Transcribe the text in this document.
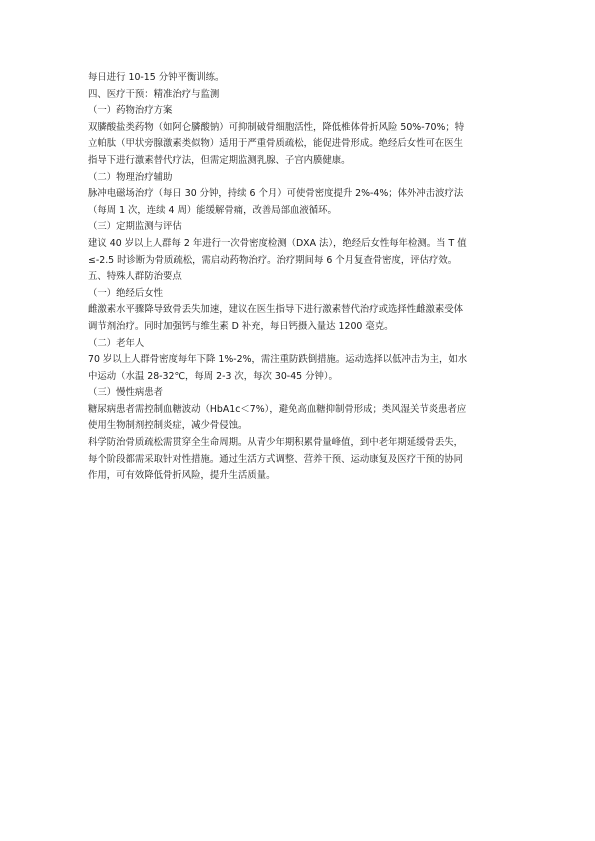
每日进行 10-15 分钟平衡训练。
四、医疗干预：精准治疗与监测
（一）药物治疗方案
双膦酸盐类药物（如阿仑膦酸钠）可抑制破骨细胞活性，降低椎体骨折风险 50%-70%；特
立帕肽（甲状旁腺激素类似物）适用于严重骨质疏松，能促进骨形成。绝经后女性可在医生
指导下进行激素替代疗法，但需定期监测乳腺、子宫内膜健康。
（二）物理治疗辅助
脉冲电磁场治疗（每日 30 分钟，持续 6 个月）可使骨密度提升 2%-4%；体外冲击波疗法
（每周 1 次，连续 4 周）能缓解骨痛，改善局部血液循环。
（三）定期监测与评估
建议 40 岁以上人群每 2 年进行一次骨密度检测（DXA 法），绝经后女性每年检测。当 T 值
≤-2.5 时诊断为骨质疏松，需启动药物治疗。治疗期间每 6 个月复查骨密度，评估疗效。
五、特殊人群防治要点
（一）绝经后女性
雌激素水平骤降导致骨丢失加速，建议在医生指导下进行激素替代治疗或选择性雌激素受体
调节剂治疗。同时加强钙与维生素 D 补充，每日钙摄入量达 1200 毫克。
（二）老年人
70 岁以上人群骨密度每年下降 1%-2%，需注重防跌倒措施。运动选择以低冲击为主，如水
中运动（水温 28-32℃，每周 2-3 次，每次 30-45 分钟）。
（三）慢性病患者
糖尿病患者需控制血糖波动（HbA1c＜7%），避免高血糖抑制骨形成；类风湿关节炎患者应
使用生物制剂控制炎症，减少骨侵蚀。
科学防治骨质疏松需贯穿全生命周期。从青少年期积累骨量峰值，到中老年期延缓骨丢失，
每个阶段都需采取针对性措施。通过生活方式调整、营养干预、运动康复及医疗干预的协同
作用，可有效降低骨折风险，提升生活质量。
